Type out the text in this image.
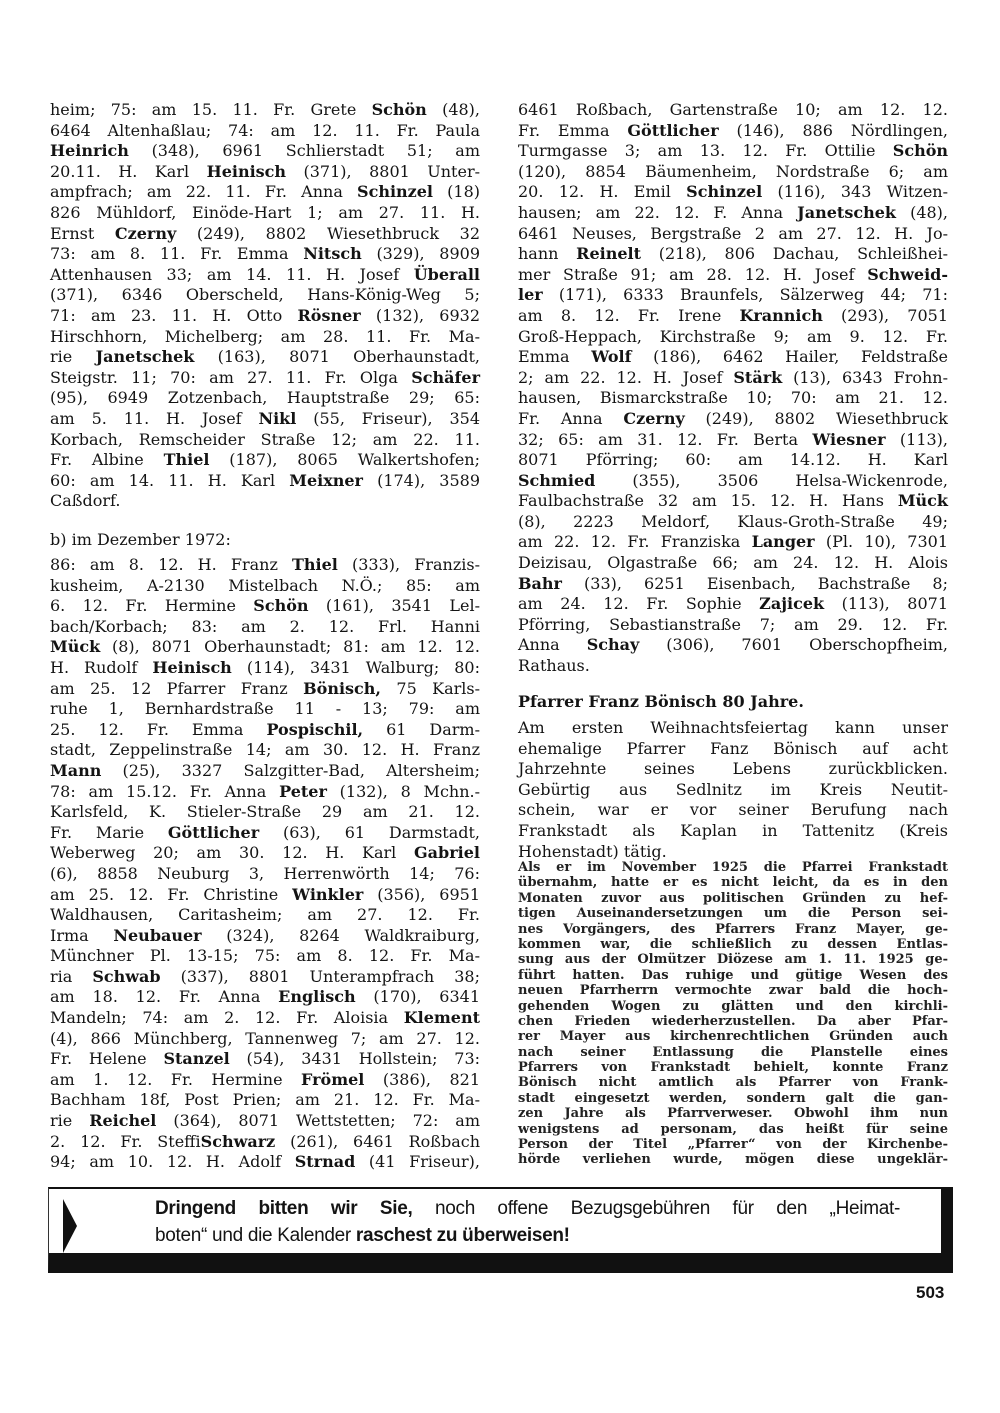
heim; 75: am 15. 11. Fr. Grete Schön (48),
6464 Altenhaßlau; 74: am 12. 11. Fr. Paula
Heinrich (348), 6961 Schlierstadt 51; am
20.11. H. Karl Heinisch (371), 8801 Unter-
ampfrach; am 22. 11. Fr. Anna Schinzel (18)
826 Mühldorf, Einöde-Hart 1; am 27. 11. H.
Ernst Czerny (249), 8802 Wiesethbruck 32
73: am 8. 11. Fr. Emma Nitsch (329), 8909
Attenhausen 33; am 14. 11. H. Josef Überall
(371), 6346 Oberscheld, Hans-König-Weg 5;
71: am 23. 11. H. Otto Rösner (132), 6932
Hirschhorn, Michelberg; am 28. 11. Fr. Ma-
rie Janetschek (163), 8071 Oberhaunstadt,
Steigstr. 11; 70: am 27. 11. Fr. Olga Schäfer
(95), 6949 Zotzenbach, Hauptstraße 29; 65:
am 5. 11. H. Josef Nikl (55, Friseur), 354
Korbach, Remscheider Straße 12; am 22. 11.
Fr. Albine Thiel (187), 8065 Walkertshofen;
60: am 14. 11. H. Karl Meixner (174), 3589
Caßdorf.
b) im Dezember 1972:
86: am 8. 12. H. Franz Thiel (333), Franzis-
kusheim, A-2130 Mistelbach N.Ö.; 85: am
6. 12. Fr. Hermine Schön (161), 3541 Lel-
bach/Korbach; 83: am 2. 12. Frl. Hanni
Mück (8), 8071 Oberhaunstadt; 81: am 12. 12.
H. Rudolf Heinisch (114), 3431 Walburg; 80:
am 25. 12 Pfarrer Franz Bönisch, 75 Karls-
ruhe 1, Bernhardstraße 11 - 13; 79: am
25. 12. Fr. Emma Pospischil, 61 Darm-
stadt, Zeppelinstraße 14; am 30. 12. H. Franz
Mann (25), 3327 Salzgitter-Bad, Altersheim;
78: am 15.12. Fr. Anna Peter (132), 8 Mchn.-
Karlsfeld, K. Stieler-Straße 29 am 21. 12.
Fr. Marie Göttlicher (63), 61 Darmstadt,
Weberweg 20; am 30. 12. H. Karl Gabriel
(6), 8858 Neuburg 3, Herrenwörth 14; 76:
am 25. 12. Fr. Christine Winkler (356), 6951
Waldhausen, Caritasheim; am 27. 12. Fr.
Irma Neubauer (324), 8264 Waldkraiburg,
Münchner Pl. 13-15; 75: am 8. 12. Fr. Ma-
ria Schwab (337), 8801 Unterampfrach 38;
am 18. 12. Fr. Anna Englisch (170), 6341
Mandeln; 74: am 2. 12. Fr. Aloisia Klement
(4), 866 Münchberg, Tannenweg 7; am 27. 12.
Fr. Helene Stanzel (54), 3431 Hollstein; 73:
am 1. 12. Fr. Hermine Frömel (386), 821
Bachham 18f, Post Prien; am 21. 12. Fr. Ma-
rie Reichel (364), 8071 Wettstetten; 72: am
2. 12. Fr. SteffiSchwarz (261), 6461 Roßbach
94; am 10. 12. H. Adolf Strnad (41 Friseur),
6461 Roßbach, Gartenstraße 10; am 12. 12.
Fr. Emma Göttlicher (146), 886 Nördlingen,
Turmgasse 3; am 13. 12. Fr. Ottilie Schön
(120), 8854 Bäumenheim, Nordstraße 6; am
20. 12. H. Emil Schinzel (116), 343 Witzen-
hausen; am 22. 12. F. Anna Janetschek (48),
6461 Neuses, Bergstraße 2 am 27. 12. H. Jo-
hann Reinelt (218), 806 Dachau, Schleißhei-
mer Straße 91; am 28. 12. H. Josef Schweid-
ler (171), 6333 Braunfels, Sälzerweg 44; 71:
am 8. 12. Fr. Irene Krannich (293), 7051
Groß-Heppach, Kirchstraße 9; am 9. 12. Fr.
Emma Wolf (186), 6462 Hailer, Feldstraße
2; am 22. 12. H. Josef Stärk (13), 6343 Frohn-
hausen, Bismarckstraße 10; 70: am 21. 12.
Fr. Anna Czerny (249), 8802 Wiesethbruck
32; 65: am 31. 12. Fr. Berta Wiesner (113),
8071 Pförring; 60: am 14.12. H. Karl
Schmied (355), 3506 Helsa-Wickenrode,
Faulbachstraße 32 am 15. 12. H. Hans Mück
(8), 2223 Meldorf, Klaus-Groth-Straße 49;
am 22. 12. Fr. Franziska Langer (Pl. 10), 7301
Deizisau, Olgastraße 66; am 24. 12. H. Alois
Bahr (33), 6251 Eisenbach, Bachstraße 8;
am 24. 12. Fr. Sophie Zajicek (113), 8071
Pförring, Sebastianstraße 7; am 29. 12. Fr.
Anna Schay (306), 7601 Oberschopfheim,
Rathaus.
Pfarrer Franz Bönisch 80 Jahre.
Am ersten Weihnachtsfeiertag kann unser
ehemalige Pfarrer Fanz Bönisch auf acht
Jahrzehnte seines Lebens zurückblicken.
Gebürtig aus Sedlnitz im Kreis Neutit-
schein, war er vor seiner Berufung nach
Frankstadt als Kaplan in Tattenitz (Kreis
Hohenstadt) tätig.
Als er im November 1925 die Pfarrei Frankstadt
übernahm, hatte er es nicht leicht, da es in den
Monaten zuvor aus politischen Gründen zu hef-
tigen Auseinandersetzungen um die Person sei-
nes Vorgängers, des Pfarrers Franz Mayer, ge-
kommen war, die schließlich zu dessen Entlas-
sung aus der Olmützer Diözese am 1. 11. 1925 ge-
führt hatten. Das ruhige und gütige Wesen des
neuen Pfarrherrn vermochte zwar bald die hoch-
gehenden Wogen zu glätten und den kirchli-
chen Frieden wiederherzustellen. Da aber Pfar-
rer Mayer aus kirchenrechtlichen Gründen auch
nach seiner Entlassung die Planstelle eines
Pfarrers von Frankstadt behielt, konnte Franz
Bönisch nicht amtlich als Pfarrer von Frank-
stadt eingesetzt werden, sondern galt die gan-
zen Jahre als Pfarrverweser. Obwohl ihm nun
wenigstens ad personam, das heißt für seine
Person der Titel „Pfarrer“ von der Kirchenbe-
hörde verliehen wurde, mögen diese ungeklär-
Dringend bitten wir Sie, noch offene Bezugsgebühren für den „Heimat-
boten“ und die Kalender raschest zu überweisen!
503
